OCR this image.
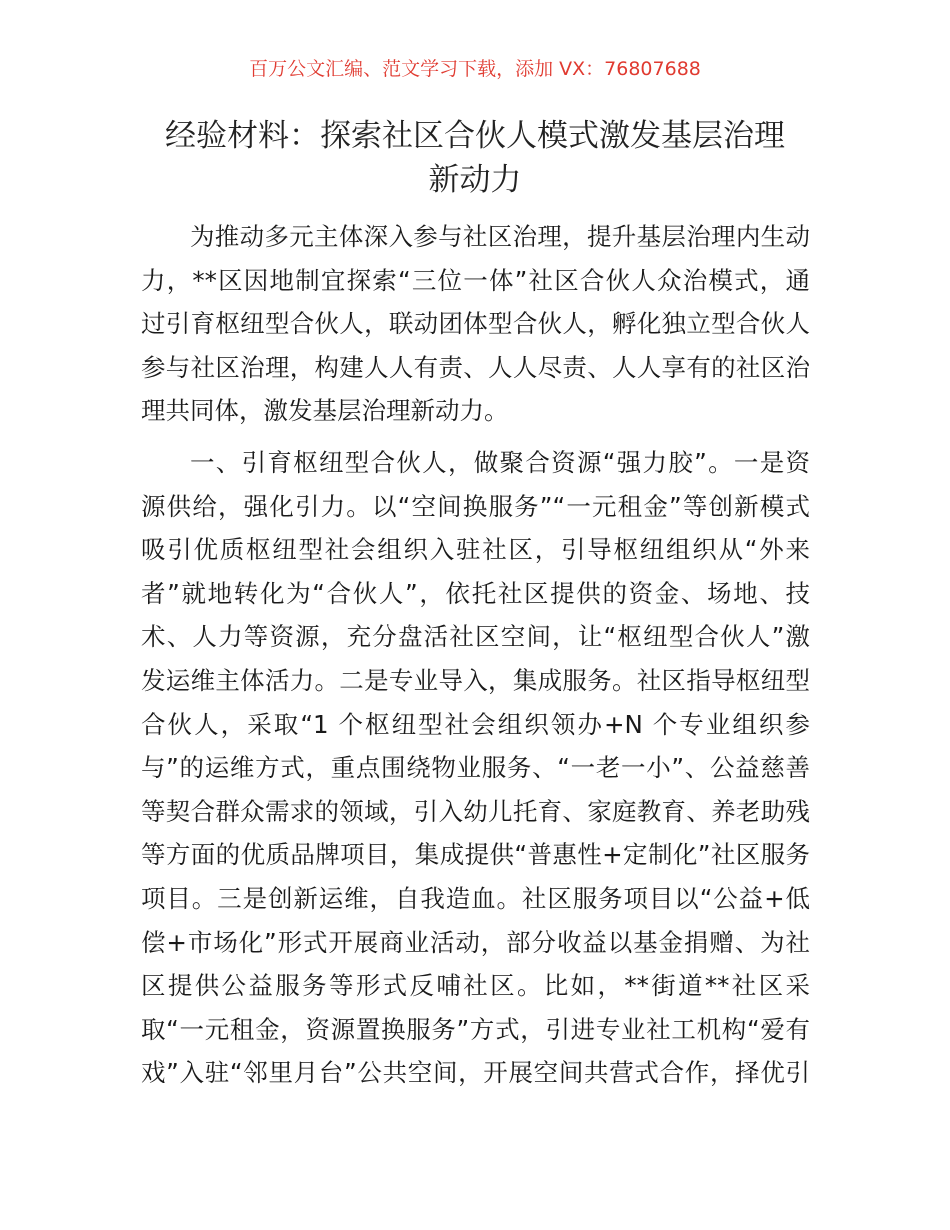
百万公文汇编、范文学习下载，添加 VX：76807688
经验材料：探索社区合伙人模式激发基层治理
新动力
为推动多元主体深入参与社区治理，提升基层治理内生动
力，**区因地制宜探索“三位一体”社区合伙人众治模式，通
过引育枢纽型合伙人，联动团体型合伙人，孵化独立型合伙人
参与社区治理，构建人人有责、人人尽责、人人享有的社区治
理共同体，激发基层治理新动力。
一、引育枢纽型合伙人，做聚合资源“强力胶”。一是资
源供给，强化引力。以“空间换服务”“一元租金”等创新模式
吸引优质枢纽型社会组织入驻社区，引导枢纽组织从“外来
者”就地转化为“合伙人”，依托社区提供的资金、场地、技
术、人力等资源，充分盘活社区空间，让“枢纽型合伙人”激
发运维主体活力。二是专业导入，集成服务。社区指导枢纽型
合伙人，采取“1 个枢纽型社会组织领办+N 个专业组织参
与”的运维方式，重点围绕物业服务、“一老一小”、公益慈善
等契合群众需求的领域，引入幼儿托育、家庭教育、养老助残
等方面的优质品牌项目，集成提供“普惠性+定制化”社区服务
项目。三是创新运维，自我造血。社区服务项目以“公益+低
偿+市场化”形式开展商业活动，部分收益以基金捐赠、为社
区提供公益服务等形式反哺社区。比如，**街道**社区采
取“一元租金，资源置换服务”方式，引进专业社工机构“爱有
戏”入驻“邻里月台”公共空间，开展空间共营式合作，择优引
